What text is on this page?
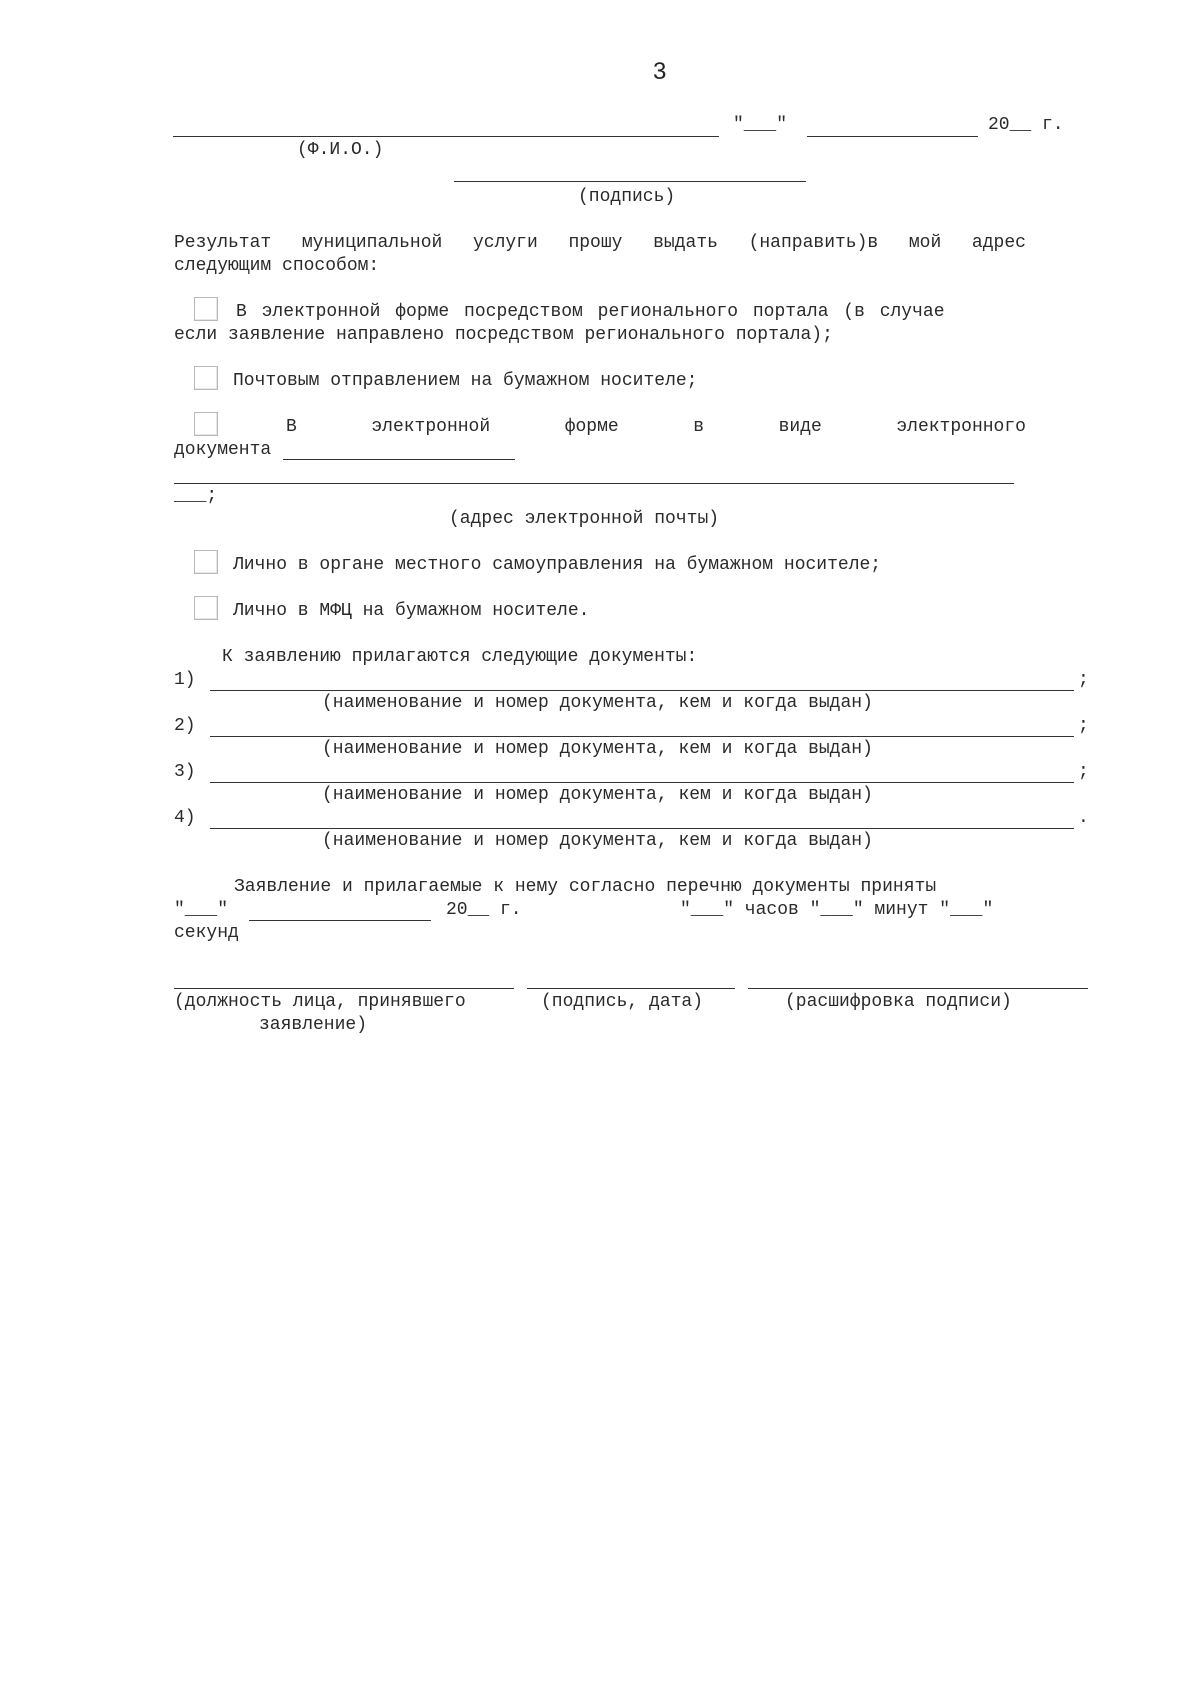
3
"___"	20__ г.
(Ф.И.О.)
(подпись)
Результат муниципальной услуги прошу выдать (направить)в мой адрес
следующим способом:
В электронной форме посредством регионального портала (в случае
если заявление направлено посредством регионального портала);
Почтовым отправлением на бумажном носителе;
В	электронной	форме	в	виде	электронного
документа
___;
(адрес электронной почты)
Лично в органе местного самоуправления на бумажном носителе;
Лично в МФЦ на бумажном носителе.
К заявлению прилагаются следующие документы:
1)	;
(наименование и номер документа, кем и когда выдан)
2)	;
(наименование и номер документа, кем и когда выдан)
3)	;
(наименование и номер документа, кем и когда выдан)
4)	.
(наименование и номер документа, кем и когда выдан)
Заявление и прилагаемые к нему согласно перечню документы приняты
"___"	20__ г.	"___" часов "___" минут "___"
секунд
(должность лица, принявшего
заявление)
(подпись, дата)	(расшифровка подписи)
